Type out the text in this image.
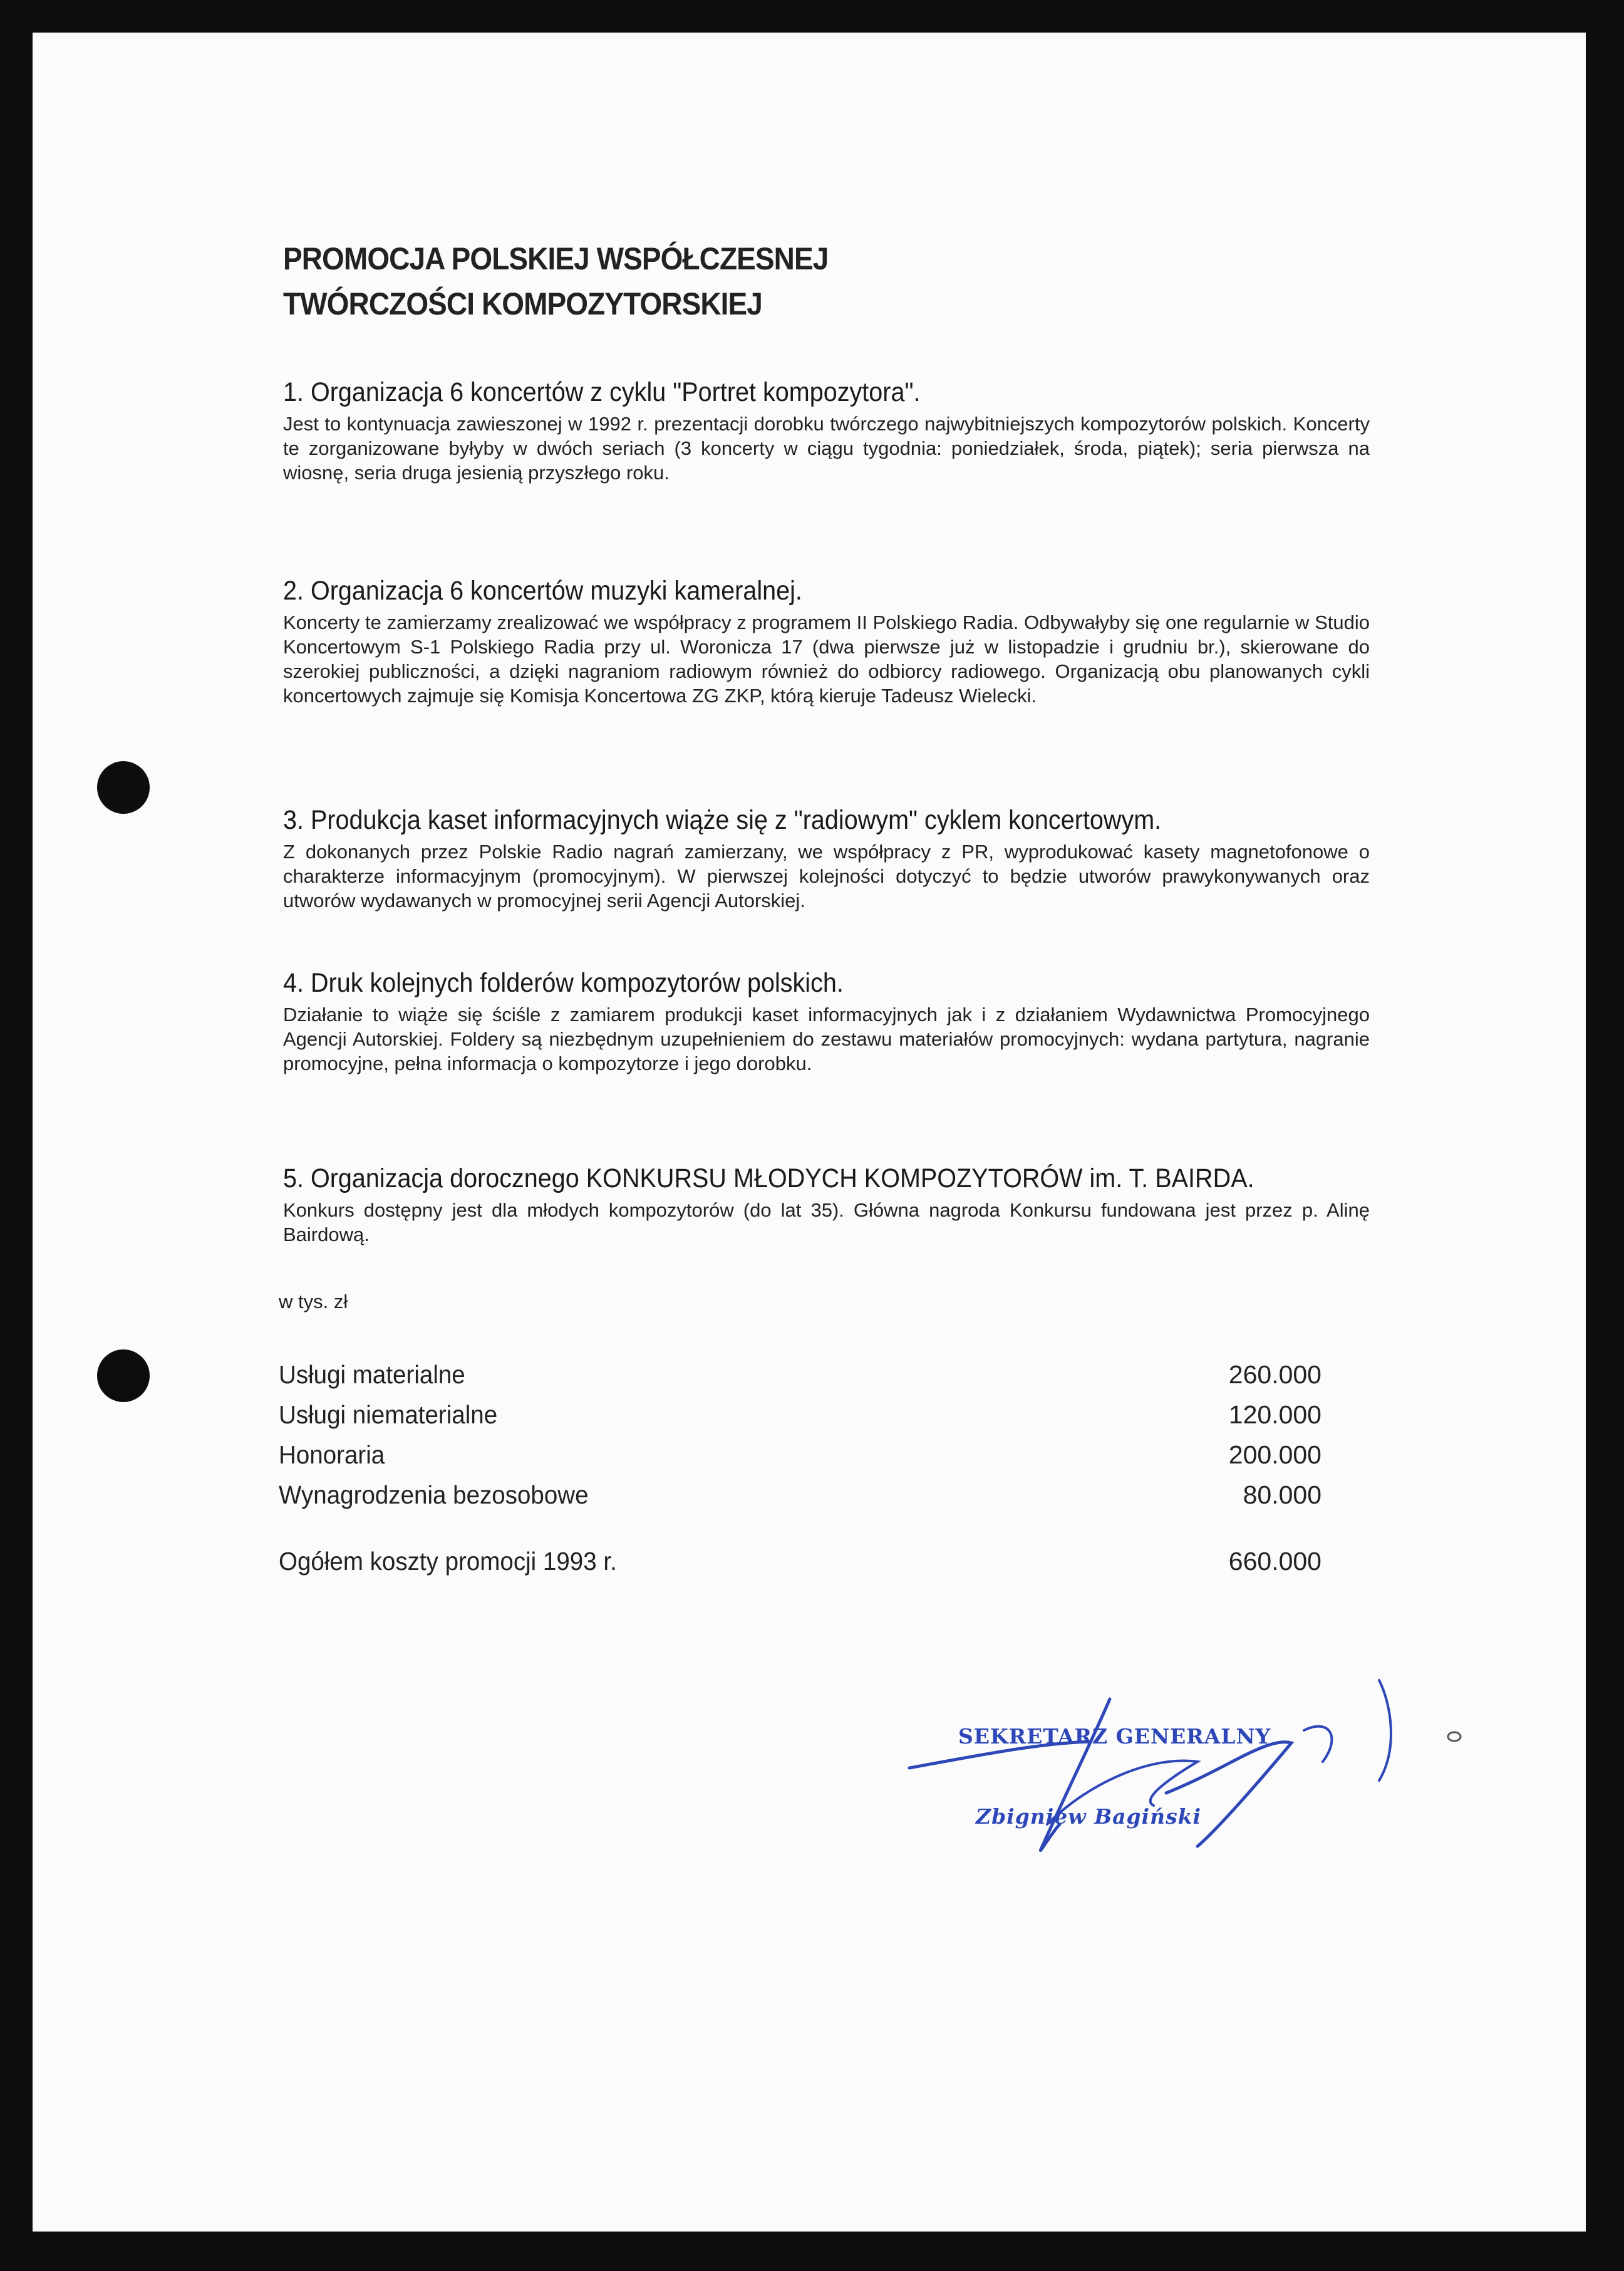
PROMOCJA POLSKIEJ WSPÓŁCZESNEJ
TWÓRCZOŚCI KOMPOZYTORSKIEJ
1. Organizacja 6 koncertów z cyklu "Portret kompozytora".
Jest to kontynuacja zawieszonej w 1992 r. prezentacji dorobku twórczego najwybitniejszych kompozytorów polskich. Koncerty te zorganizowane byłyby w dwóch seriach (3 koncerty w ciągu tygodnia: poniedziałek, środa, piątek); seria pierwsza na wiosnę, seria druga jesienią przyszłego roku.
2. Organizacja 6 koncertów muzyki kameralnej.
Koncerty te zamierzamy zrealizować we współpracy z programem II Polskiego Radia. Odbywałyby się one regularnie w Studio Koncertowym S-1 Polskiego Radia przy ul. Woronicza 17 (dwa pierwsze już w listopadzie i grudniu br.), skierowane do szerokiej publiczności, a dzięki nagraniom radiowym również do odbiorcy radiowego. Organizacją obu planowanych cykli koncertowych zajmuje się Komisja Koncertowa ZG ZKP, którą kieruje Tadeusz Wielecki.
3. Produkcja kaset informacyjnych wiąże się z "radiowym" cyklem koncertowym.
Z dokonanych przez Polskie Radio nagrań zamierzany, we współpracy z PR, wyprodukować kasety magnetofonowe o charakterze informacyjnym (promocyjnym). W pierwszej kolejności dotyczyć to będzie utworów prawykonywanych oraz utworów wydawanych w promocyjnej serii Agencji Autorskiej.
4. Druk kolejnych folderów kompozytorów polskich.
Działanie to wiąże się ściśle z zamiarem produkcji kaset informacyjnych jak i z działaniem Wydawnictwa Promocyjnego Agencji Autorskiej. Foldery są niezbędnym uzupełnieniem do zestawu materiałów promocyjnych: wydana partytura, nagranie promocyjne, pełna informacja o kompozytorze i jego dorobku.
5. Organizacja dorocznego KONKURSU MŁODYCH KOMPOZYTORÓW im. T. BAIRDA.
Konkurs dostępny jest dla młodych kompozytorów (do lat 35). Główna nagroda Konkursu fundowana jest przez p. Alinę Bairdową.
w tys. zł
Usługi materialne	260.000
Usługi niematerialne	120.000
Honoraria	200.000
Wynagrodzenia bezosobowe	80.000
Ogółem koszty promocji 1993 r.	660.000
SEKRETARZ GENERALNY
Zbigniew Bagiński
